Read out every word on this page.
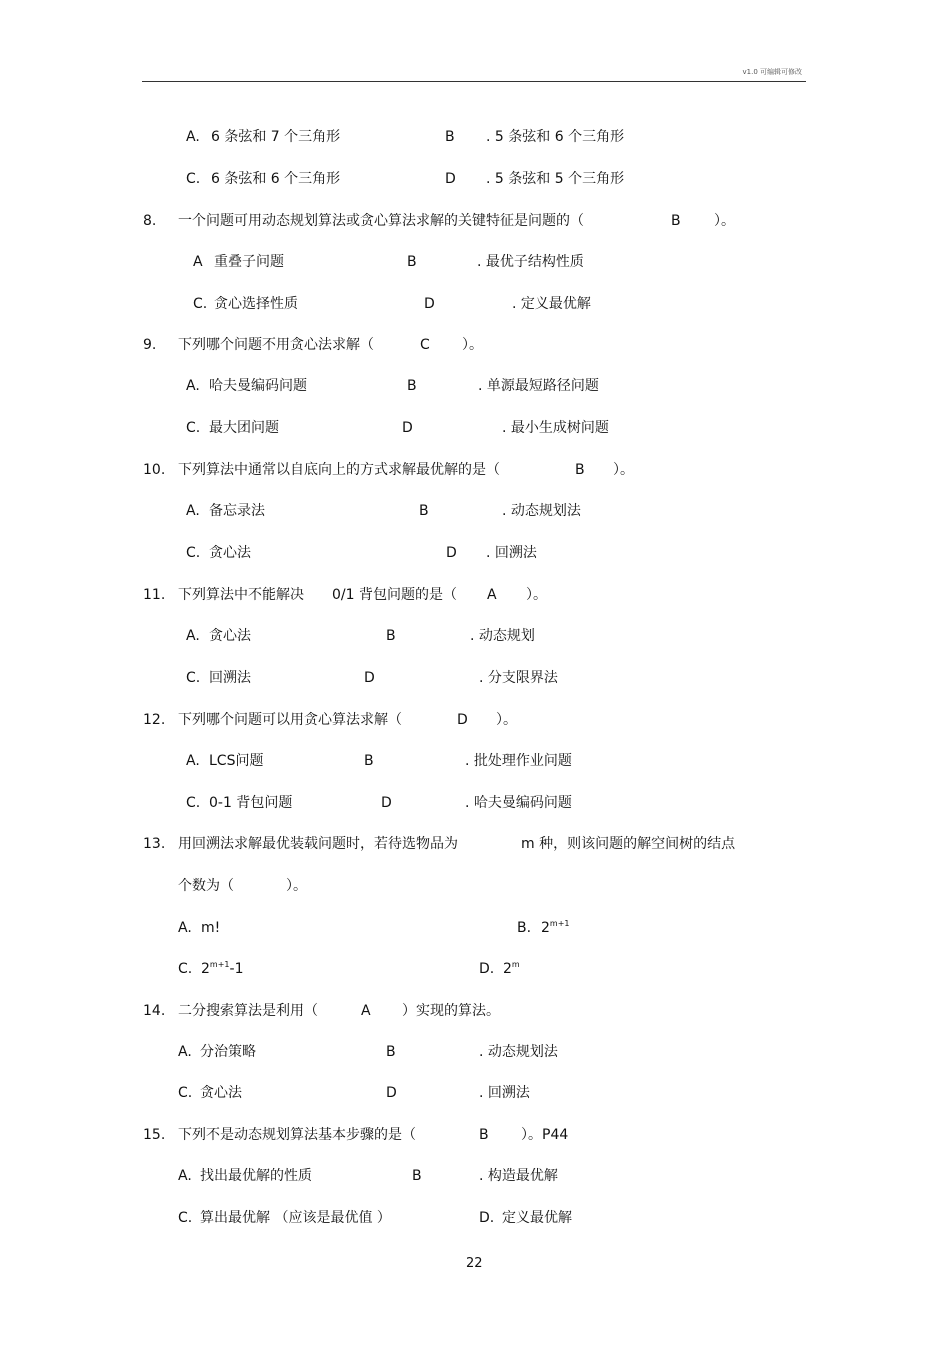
v1.0 可编辑可修改
A. 6 条弦和 7 个三角形	B . 5 条弦和 6 个三角形
C. 6 条弦和 6 个三角形	D . 5 条弦和 5 个三角形
8. 一个问题可用动态规划算法或贪心算法求解的关键特征是问题的（	B ）。
A 重叠子问题	B	. 最优子结构性质
C. 贪心选择性质	D	. 定义最优解
9. 下列哪个问题不用贪心法求解（	C ）。
A. 哈夫曼编码问题	B	. 单源最短路径问题
C. 最大团问题	D	. 最小生成树问题
10. 下列算法中通常以自底向上的方式求解最优解的是（	B ）。
A. 备忘录法	B	. 动态规划法
C. 贪心法	D . 回溯法
11. 下列算法中不能解决 0/1 背包问题的是（ A ）。
A. 贪心法	B	. 动态规划
C. 回溯法	D	. 分支限界法
12. 下列哪个问题可以用贪心算法求解（	D ）。
A. LCS问题	B	. 批处理作业问题
C. 0-1 背包问题	D	. 哈夫曼编码问题
13. 用回溯法求解最优装载问题时，若待选物品为	m 种，则该问题的解空间树的结点
个数为（	）。
A. m!	B. $2^{m+1}$
C. $2^{m+1}-1$	D. 2$^m$
14. 二分搜索算法是利用（	A ）实现的算法。
A. 分治策略	B	. 动态规划法
C. 贪心法	D	. 回溯法
15. 下列不是动态规划算法基本步骤的是（	B ）。P44
A. 找出最优解的性质	B	. 构造最优解
C. 算出最优解 （应该是最优值 ）	D. 定义最优解
22
